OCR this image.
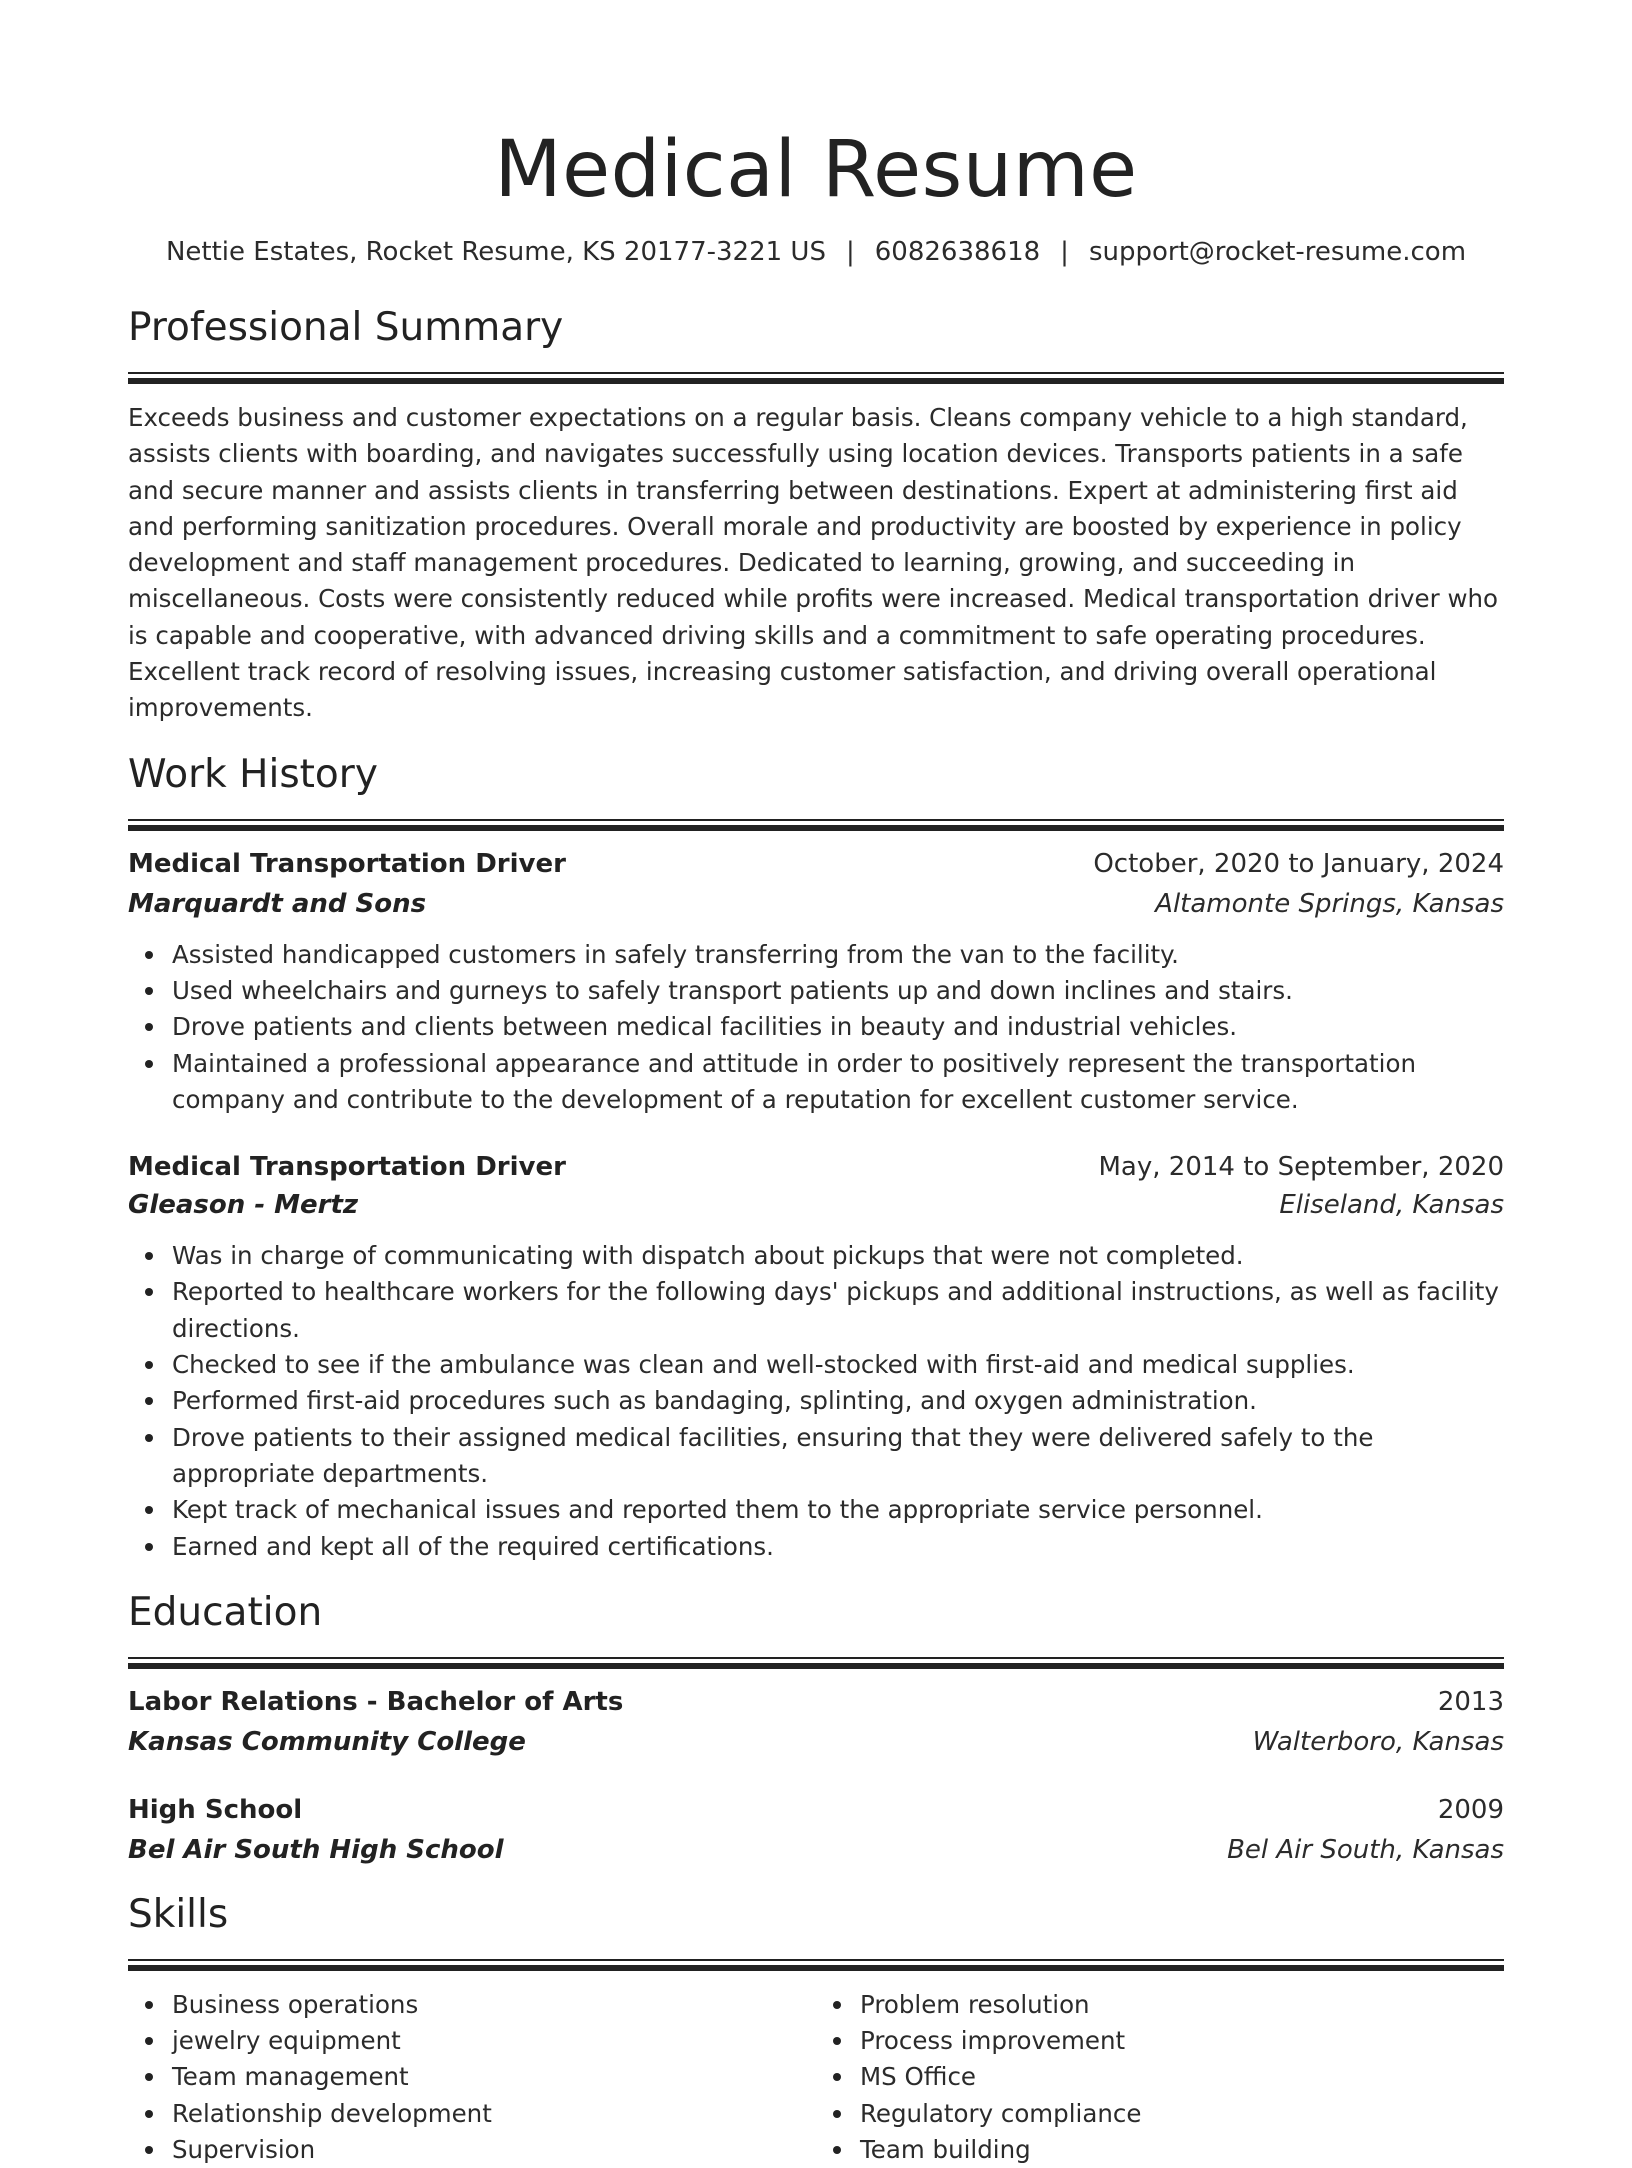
Medical Resume
Nettie Estates, Rocket Resume, KS 20177-3221 US | 6082638618 | support@rocket-resume.com
Professional Summary
Exceeds business and customer expectations on a regular basis. Cleans company vehicle to a high standard, assists clients with boarding, and navigates successfully using location devices. Transports patients in a safe and secure manner and assists clients in transferring between destinations. Expert at administering first aid and performing sanitization procedures. Overall morale and productivity are boosted by experience in policy development and staff management procedures. Dedicated to learning, growing, and succeeding in miscellaneous. Costs were consistently reduced while profits were increased. Medical transportation driver who is capable and cooperative, with advanced driving skills and a commitment to safe operating procedures. Excellent track record of resolving issues, increasing customer satisfaction, and driving overall operational improvements.
Work History
Medical Transportation Driver	October, 2020 to January, 2024
Marquardt and Sons	Altamonte Springs, Kansas
Assisted handicapped customers in safely transferring from the van to the facility.
Used wheelchairs and gurneys to safely transport patients up and down inclines and stairs.
Drove patients and clients between medical facilities in beauty and industrial vehicles.
Maintained a professional appearance and attitude in order to positively represent the transportation company and contribute to the development of a reputation for excellent customer service.
Medical Transportation Driver	May, 2014 to September, 2020
Gleason - Mertz	Eliseland, Kansas
Was in charge of communicating with dispatch about pickups that were not completed.
Reported to healthcare workers for the following days' pickups and additional instructions, as well as facility directions.
Checked to see if the ambulance was clean and well-stocked with first-aid and medical supplies.
Performed first-aid procedures such as bandaging, splinting, and oxygen administration.
Drove patients to their assigned medical facilities, ensuring that they were delivered safely to the appropriate departments.
Kept track of mechanical issues and reported them to the appropriate service personnel.
Earned and kept all of the required certifications.
Education
Labor Relations - Bachelor of Arts	2013
Kansas Community College	Walterboro, Kansas
High School	2009
Bel Air South High School	Bel Air South, Kansas
Skills
Business operations
jewelry equipment
Team management
Relationship development
Supervision
Problem resolution
Process improvement
MS Office
Regulatory compliance
Team building
